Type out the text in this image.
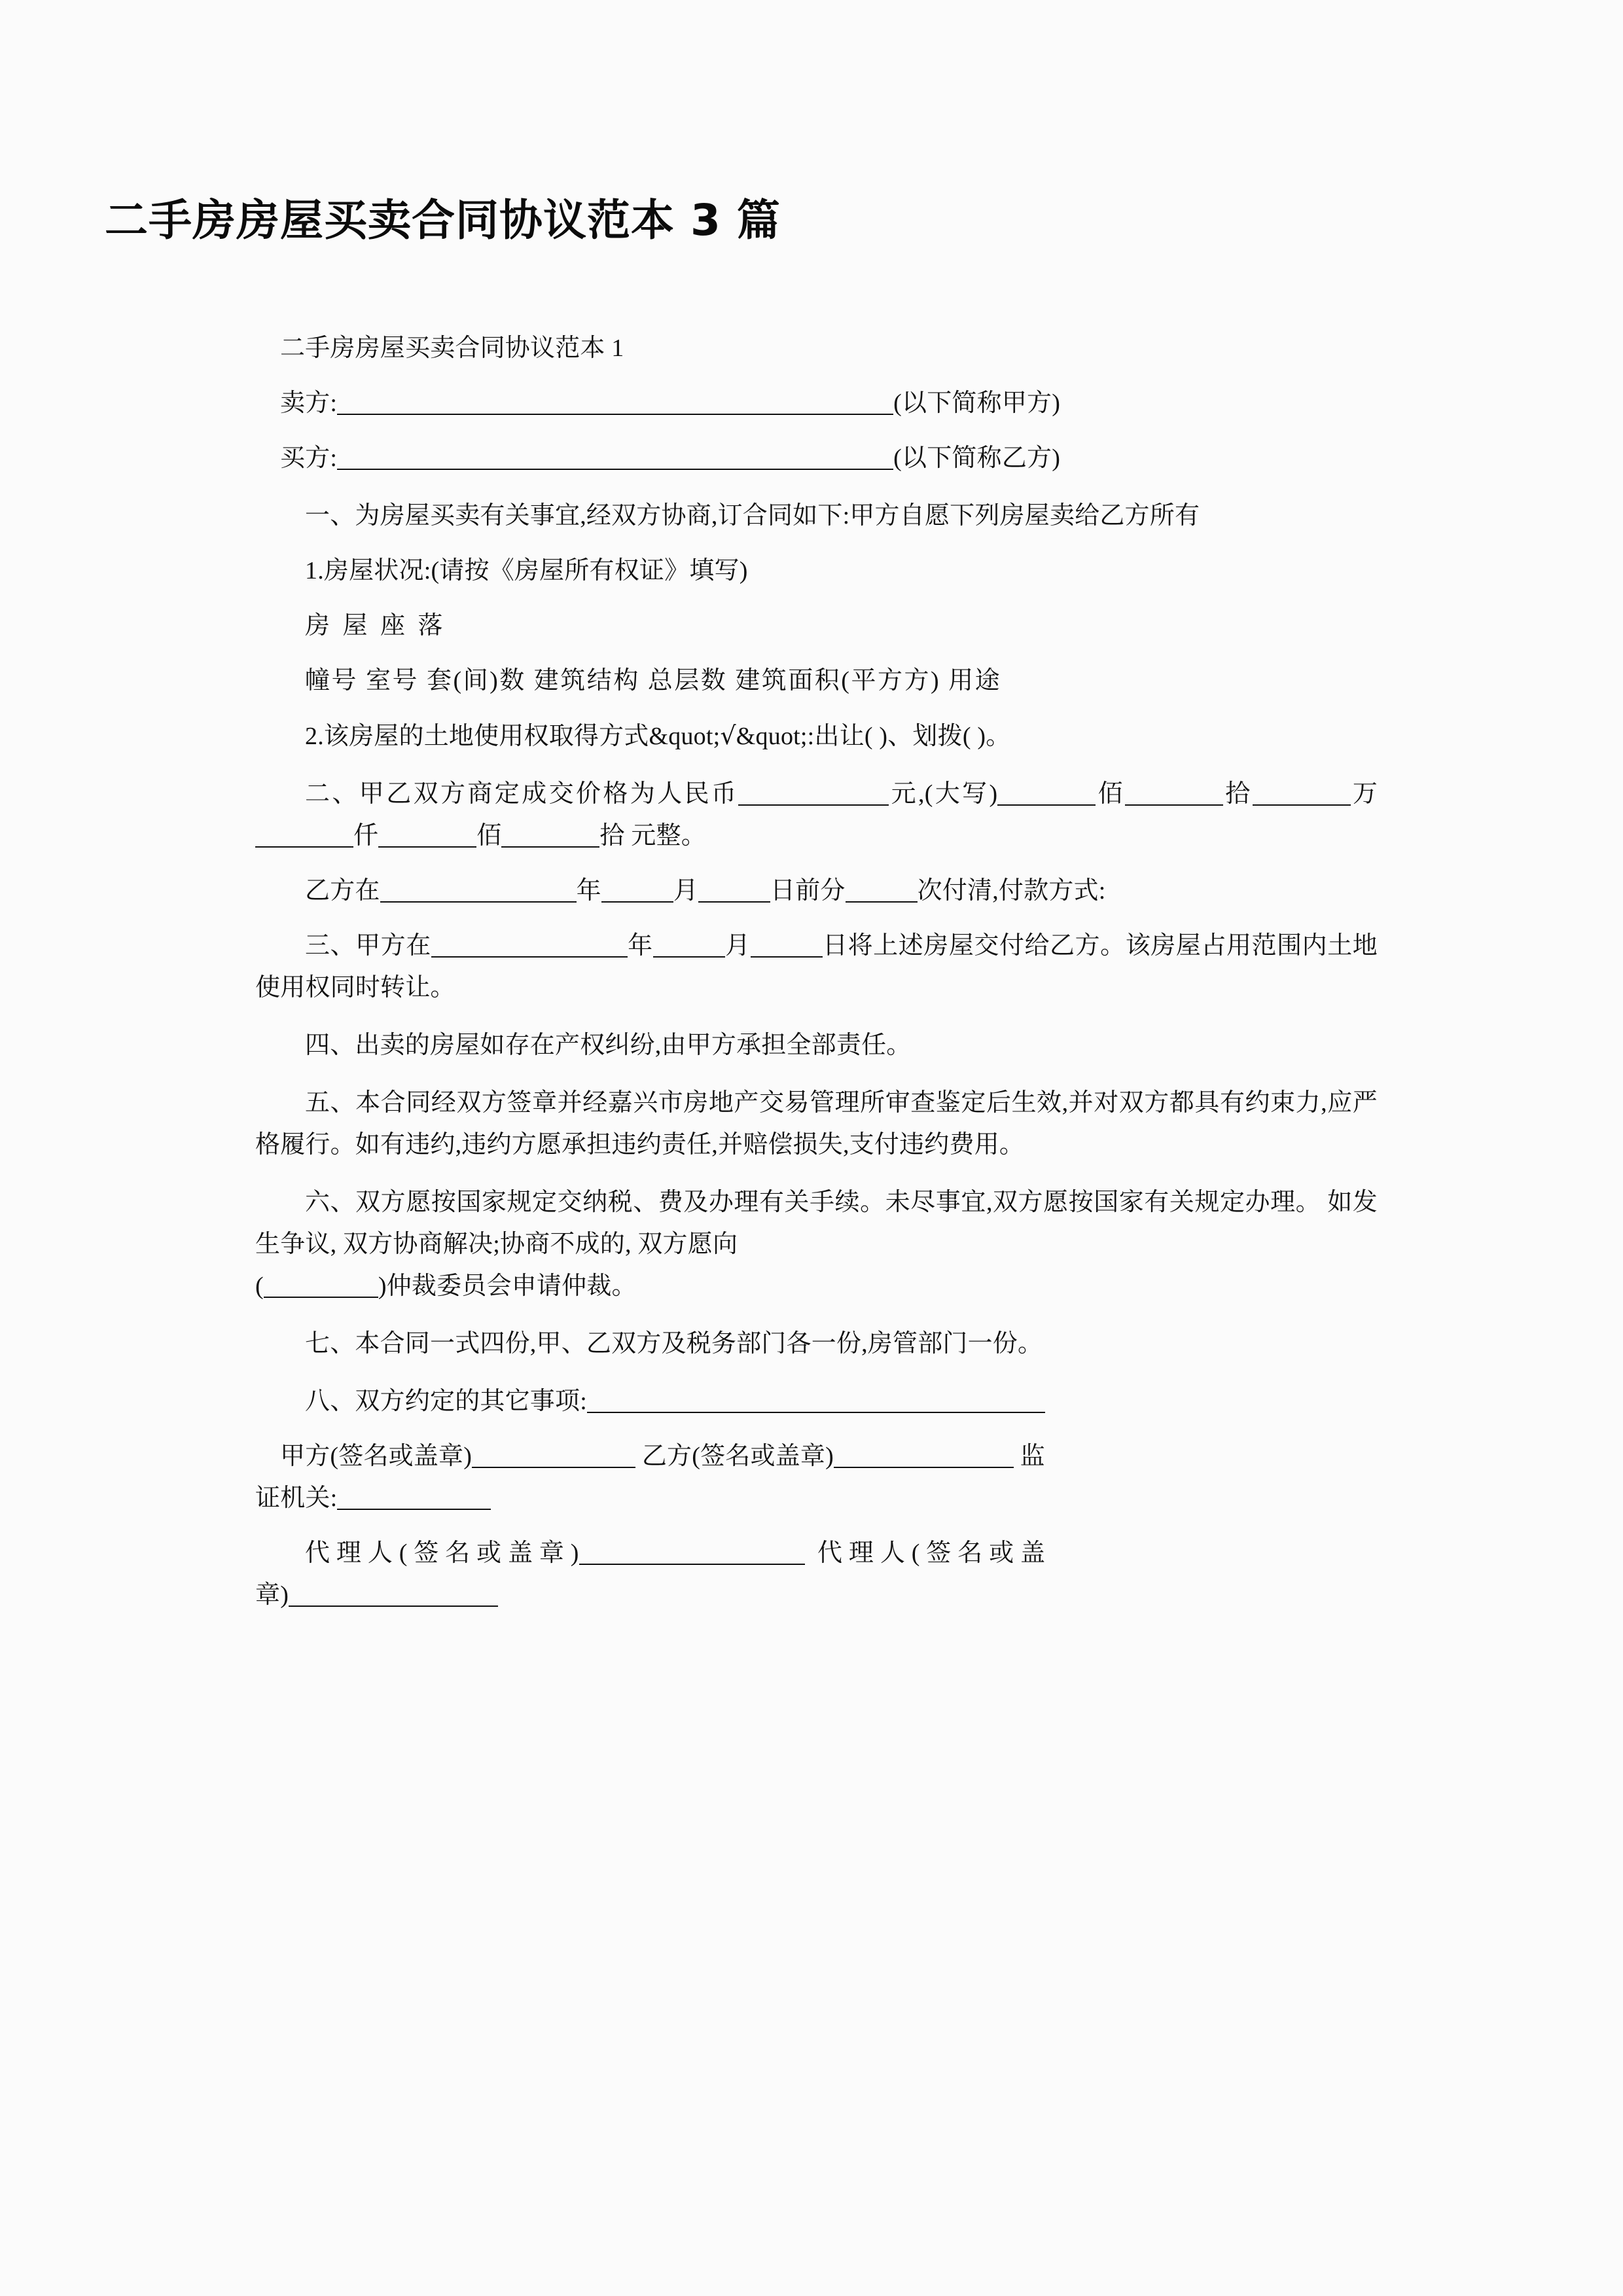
二手房房屋买卖合同协议范本 3 篇
二手房房屋买卖合同协议范本 1
卖方:	(以下简称甲方)
买方:	(以下简称乙方)
一、为房屋买卖有关事宜,经双方协商,订合同如下:甲方自愿下列房屋卖给乙方所有
1.房屋状况:(请按《房屋所有权证》填写)
房 屋 座 落
幢号 室号 套(间)数 建筑结构 总层数 建筑面积(平方方) 用途
2.该房屋的土地使用权取得方式&quot;√&quot;:出让( )、划拨( )。
二、甲乙双方商定成交价格为人民币	元,(大写)	佰	拾	万仟	佰	拾 元整。
乙方在	年	月	日前分	次付清,付款方式:
三、甲方在	年	月	日将上述房屋交付给乙方。该房屋占用范围内土地使用权同时转让。
四、出卖的房屋如存在产权纠纷,由甲方承担全部责任。
五、本合同经双方签章并经嘉兴市房地产交易管理所审查鉴定后生效,并对双方都具有约束力,应严格履行。如有违约,违约方愿承担违约责任,并赔偿损失,支付违约费用。
六、双方愿按国家规定交纳税、费及办理有关手续。未尽事宜,双方愿按国家有关规定办理。 如发生争议, 双方协商解决;协商不成的, 双方愿向
(	)仲裁委员会申请仲裁。
七、本合同一式四份,甲、乙双方及税务部门各一份,房管部门一份。
八、双方约定的其它事项:
甲方(签名或盖章)	乙方(签名或盖章)	监
证机关:
代 理 人 ( 签 名 或 盖 章 )	代 理 人 ( 签 名 或 盖
章)
